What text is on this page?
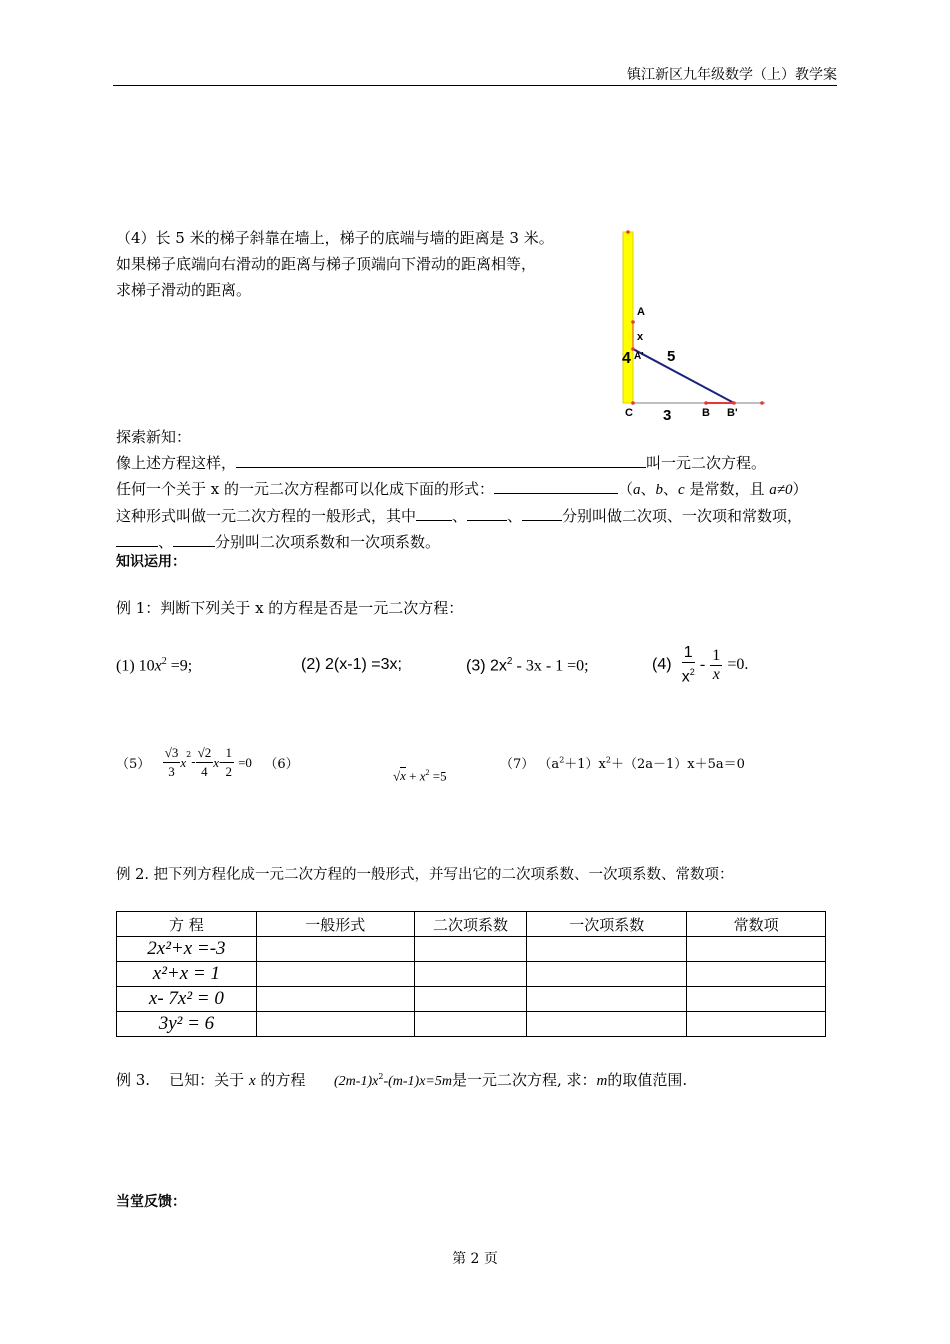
镇江新区九年级数学（上）教学案
（4）长 5 米的梯子斜靠在墙上，梯子的底端与墙的距离是 3 米。
如果梯子底端向右滑动的距离与梯子顶端向下滑动的距离相等，
求梯子滑动的距离。
A
x
A'
4 5
C 3	B B'
探索新知：
像上述方程这样，	叫一元二次方程。
任何一个关于 x 的一元二次方程都可以化成下面的形式：	（a、b、c 是常数，且 a≠0）
这种形式叫做一元二次方程的一般形式，其中 、	、	分别叫做二次项、一次项和常数项，
、	分别叫二次项系数和一次项系数。
知识运用：
例 1：判断下列关于 x 的方程是否是一元二次方程：
(1) $10x^2 =9$;	(2) 2(x-1) =3x;	(3) $2x^2 - 3x - 1 =0$;	(4)
$\frac{1}{x^2}$
-
$\frac{1}{x}$
=0.
（5）
$\frac{√3}{3} x^2$
- $\frac{√2}{4}$ x - $\frac{1}{2}$
=0
（6）
$√x + x^2 =5$
（7） $(a^2+1)x^2+(2a-1)x+5a=0$
例 2. 把下列方程化成一元二次方程的一般形式，并写出它的二次项系数、一次项系数、常数项：
方 程	一般形式	二次项系数	一次项系数	常数项
2x²+x =-3				
x²+x = 1				
x- 7x² = 0				
3y² = 6				
例 3. 已知：关于 x 的方程 $(2m-1)x^2-(m-1)x=5m$是一元二次方程, 求：m的取值范围.
当堂反馈：
第 2 页
